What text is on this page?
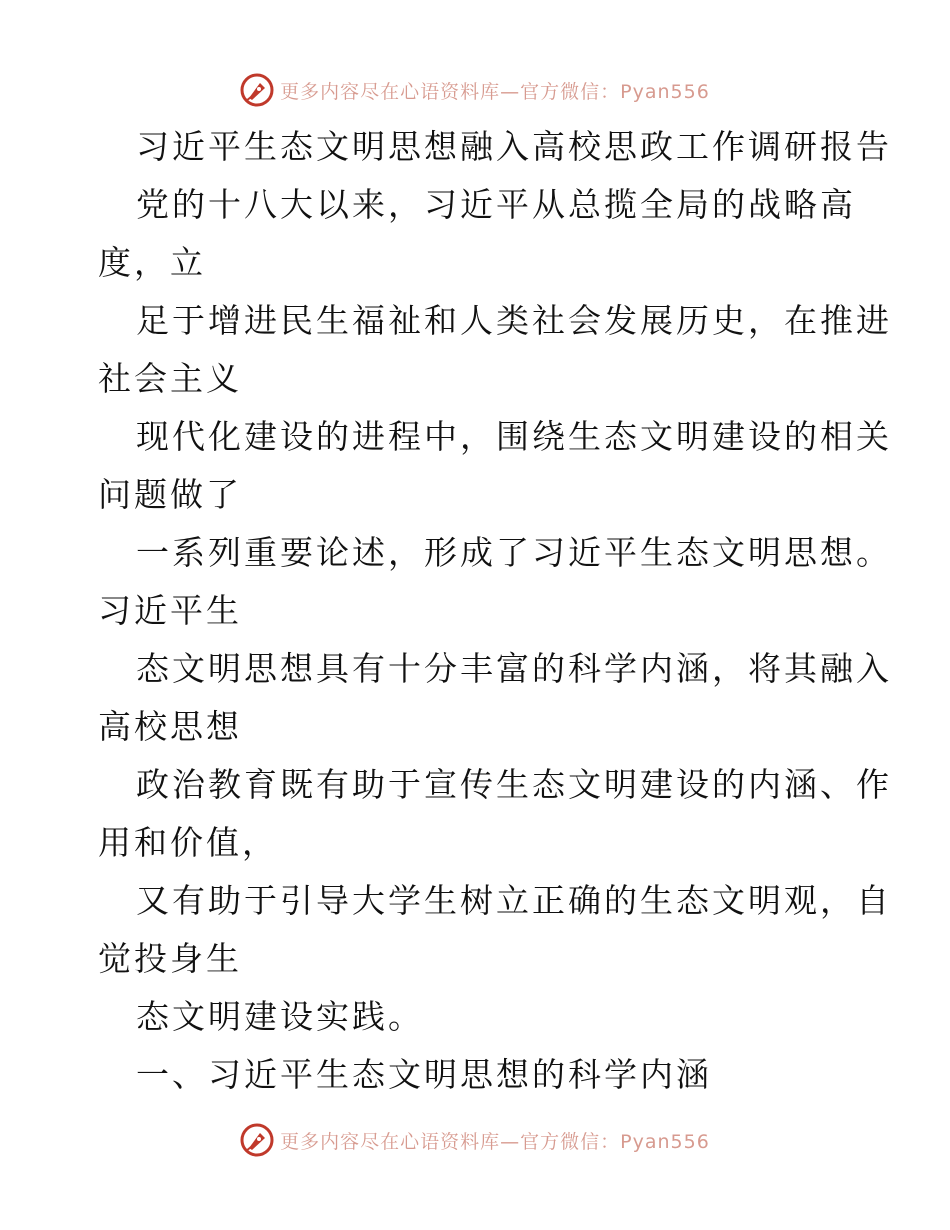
更多内容尽在心语资料库—官方微信：Pyan556
习近平生态文明思想融入高校思政工作调研报告
党的十八大以来，习近平从总揽全局的战略高
度，立
足于增进民生福祉和人类社会发展历史，在推进
社会主义
现代化建设的进程中，围绕生态文明建设的相关
问题做了
一系列重要论述，形成了习近平生态文明思想。
习近平生
态文明思想具有十分丰富的科学内涵，将其融入
高校思想
政治教育既有助于宣传生态文明建设的内涵、作
用和价值，
又有助于引导大学生树立正确的生态文明观，自
觉投身生
态文明建设实践。
一、习近平生态文明思想的科学内涵
更多内容尽在心语资料库—官方微信：Pyan556
